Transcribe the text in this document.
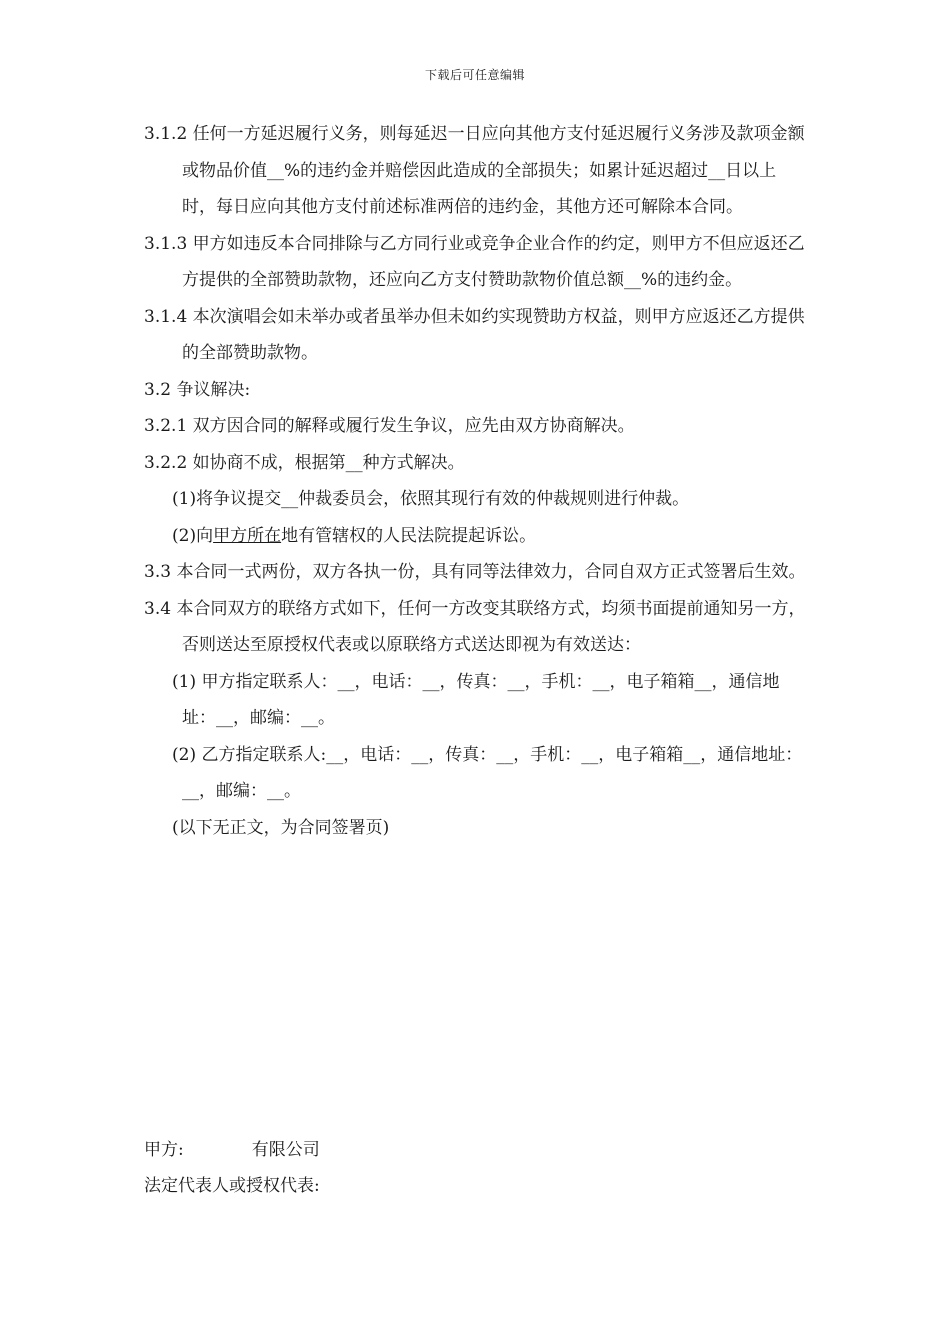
下载后可任意编辑

3.1.2 任何一方延迟履行义务，则每延迟一日应向其他方支付延迟履行义务涉及款项金额或物品价值__%的违约金并赔偿因此造成的全部损失；如累计延迟超过__日以上时，每日应向其他方支付前述标准两倍的违约金，其他方还可解除本合同。

3.1.3 甲方如违反本合同排除与乙方同行业或竞争企业合作的约定，则甲方不但应返还乙方提供的全部赞助款物，还应向乙方支付赞助款物价值总额__%的违约金。

3.1.4 本次演唱会如未举办或者虽举办但未如约实现赞助方权益，则甲方应返还乙方提供的全部赞助款物。

3.2 争议解决:

3.2.1 双方因合同的解释或履行发生争议，应先由双方协商解决。

3.2.2 如协商不成，根据第__种方式解决。

(1)将争议提交__仲裁委员会，依照其现行有效的仲裁规则进行仲裁。

(2)向甲方所在地有管辖权的人民法院提起诉讼。

3.3 本合同一式两份，双方各执一份，具有同等法律效力，合同自双方正式签署后生效。

3.4 本合同双方的联络方式如下，任何一方改变其联络方式，均须书面提前通知另一方，否则送达至原授权代表或以原联络方式送达即视为有效送达：

(1) 甲方指定联系人：__，电话：__，传真：__，手机：__，电子箱箱__，通信地址：__，邮编：__。

(2) 乙方指定联系人:__，电话：__，传真：__，手机：__，电子箱箱__，通信地址：__，邮编：__。

(以下无正文，为合同签署页)

甲方:	有限公司

法定代表人或授权代表:
